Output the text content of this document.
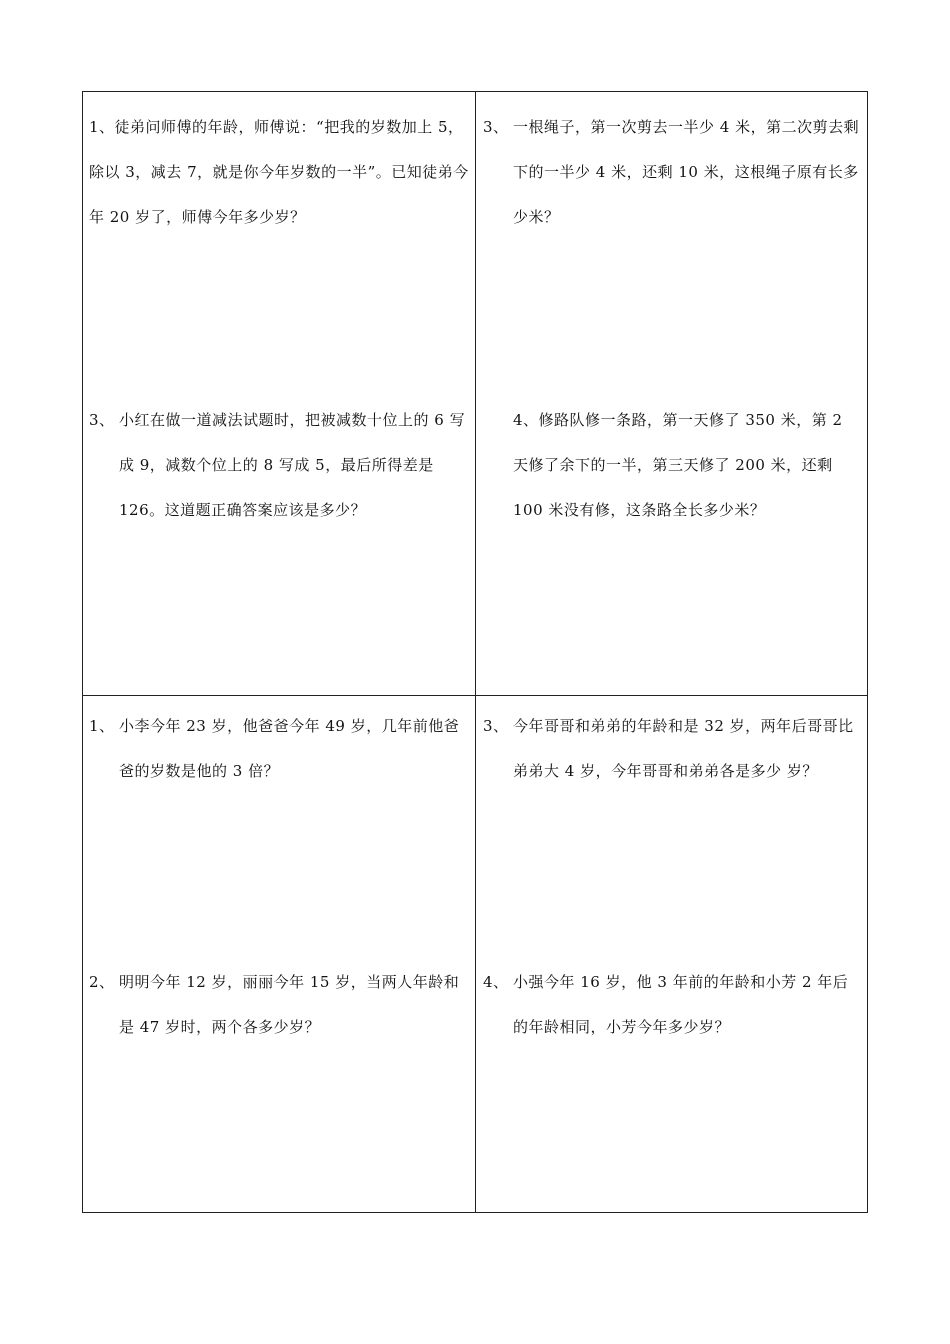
1、徒弟问师傅的年龄，师傅说：“把我的岁数加上 5，除以 3，减去 7，就是你今年岁数的一半”。已知徒弟今年 20 岁了，师傅今年多少岁？
3、 一根绳子，第一次剪去一半少 4 米，第二次剪去剩下的一半少 4 米，还剩 10 米，这根绳子原有长多少米？
3、 小红在做一道减法试题时，把被减数十位上的 6 写成 9，减数个位上的 8 写成 5，最后所得差是 126。这道题正确答案应该是多少？
4、修路队修一条路，第一天修了 350 米，第 2 天修了余下的一半，第三天修了 200 米，还剩 100 米没有修，这条路全长多少米？
1、 小李今年 23 岁，他爸爸今年 49 岁，几年前他爸爸的岁数是他的 3 倍？
3、 今年哥哥和弟弟的年龄和是 32 岁，两年后哥哥比弟弟大 4 岁，今年哥哥和弟弟各是多少 岁？
2、 明明今年 12 岁，丽丽今年 15 岁，当两人年龄和是 47 岁时，两个各多少岁？
4、 小强今年 16 岁，他 3 年前的年龄和小芳 2 年后的年龄相同，小芳今年多少岁？
